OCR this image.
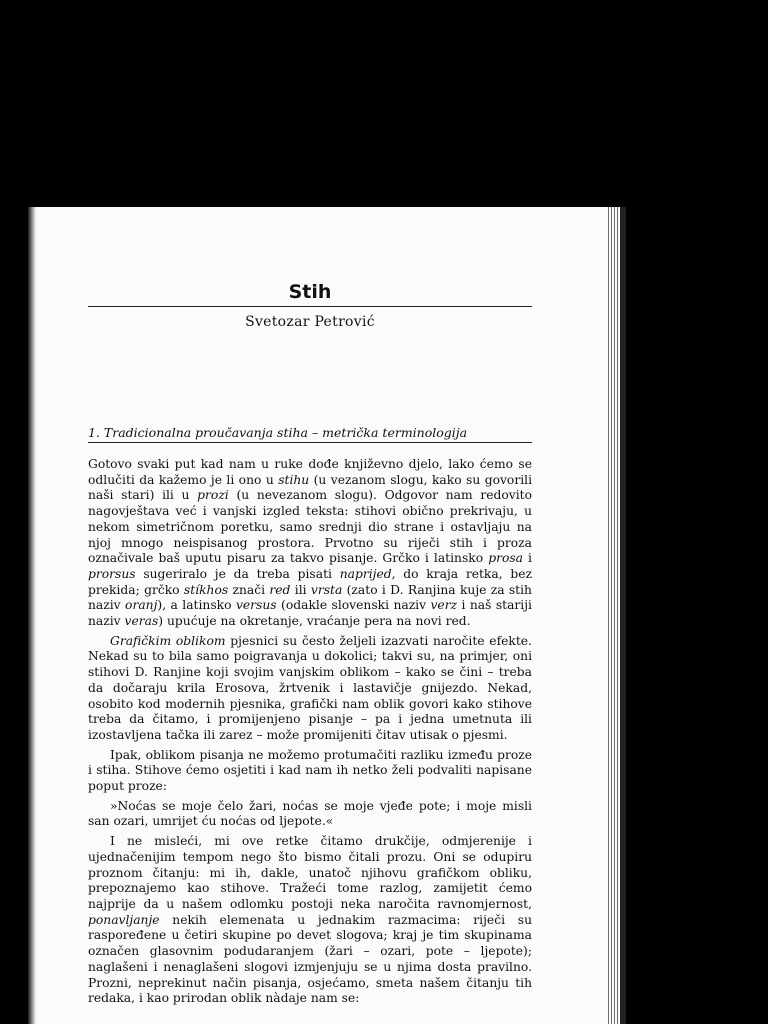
Stih

Svetozar Petrović

1. Tradicionalna proučavanja stiha – metrička terminologija

Gotovo svaki put kad nam u ruke dođe književno djelo, lako ćemo se odlučiti da kažemo je li ono u stihu (u vezanom slogu, kako su govorili naši stari) ili u prozi (u nevezanom slogu). Odgovor nam redovito nagovještava već i vanjski izgled teksta: stihovi obično prekrivaju, u nekom simetričnom poretku, samo srednji dio strane i ostavljaju na njoj mnogo neispisanog prostora. Prvotno su riječi stih i proza označivale baš uputu pisaru za takvo pisanje. Grčko i latinsko prosa i prorsus sugeriralo je da treba pisati naprijed, do kraja retka, bez prekida; grčko stíkhos znači red ili vrsta (zato i D. Ranjina kuje za stih naziv oranj), a latinsko versus (odakle slovenski naziv verz i naš stariji naziv veras) upućuje na okretanje, vraćanje pera na novi red.

Grafičkim oblikom pjesnici su često željeli izazvati naročite efekte. Nekad su to bila samo poigravanja u dokolici; takvi su, na primjer, oni stihovi D. Ranjine koji svojim vanjskim oblikom – kako se čini – treba da dočaraju krila Erosova, žrtvenik i lastavičje gnijezdo. Nekad, osobito kod modernih pjesnika, grafički nam oblik govori kako stihove treba da čitamo, i promijenjeno pisanje – pa i jedna umetnuta ili izostavljena tačka ili zarez – može promijeniti čitav utisak o pjesmi.

Ipak, oblikom pisanja ne možemo protumačiti razliku između proze i stiha. Stihove ćemo osjetiti i kad nam ih netko želi podvaliti napisane poput proze:

»Noćas se moje čelo žari, noćas se moje vjeđe pote; i moje misli san ozari, umrijet ću noćas od ljepote.«

I ne misleći, mi ove retke čitamo drukčije, odmjerenije i ujednačenijim tempom nego što bismo čitali prozu. Oni se odupiru proznom čitanju: mi ih, dakle, unatoč njihovu grafičkom obliku, prepoznajemo kao stihove. Tražeći tome razlog, zamijetit ćemo najprije da u našem odlomku postoji neka naročita ravnomjernost, ponavljanje nekih elemenata u jednakim razmacima: riječi su raspoređene u četiri skupine po devet slogova; kraj je tim skupinama označen glasovnim podudaranjem (žari – ozari, pote – ljepote); naglašeni i nenaglašeni slogovi izmjenjuju se u njima dosta pravilno. Prozni, neprekinut način pisanja, osjećamo, smeta našem čitanju tih redaka, i kao prirodan oblik nàdaje nam se:
